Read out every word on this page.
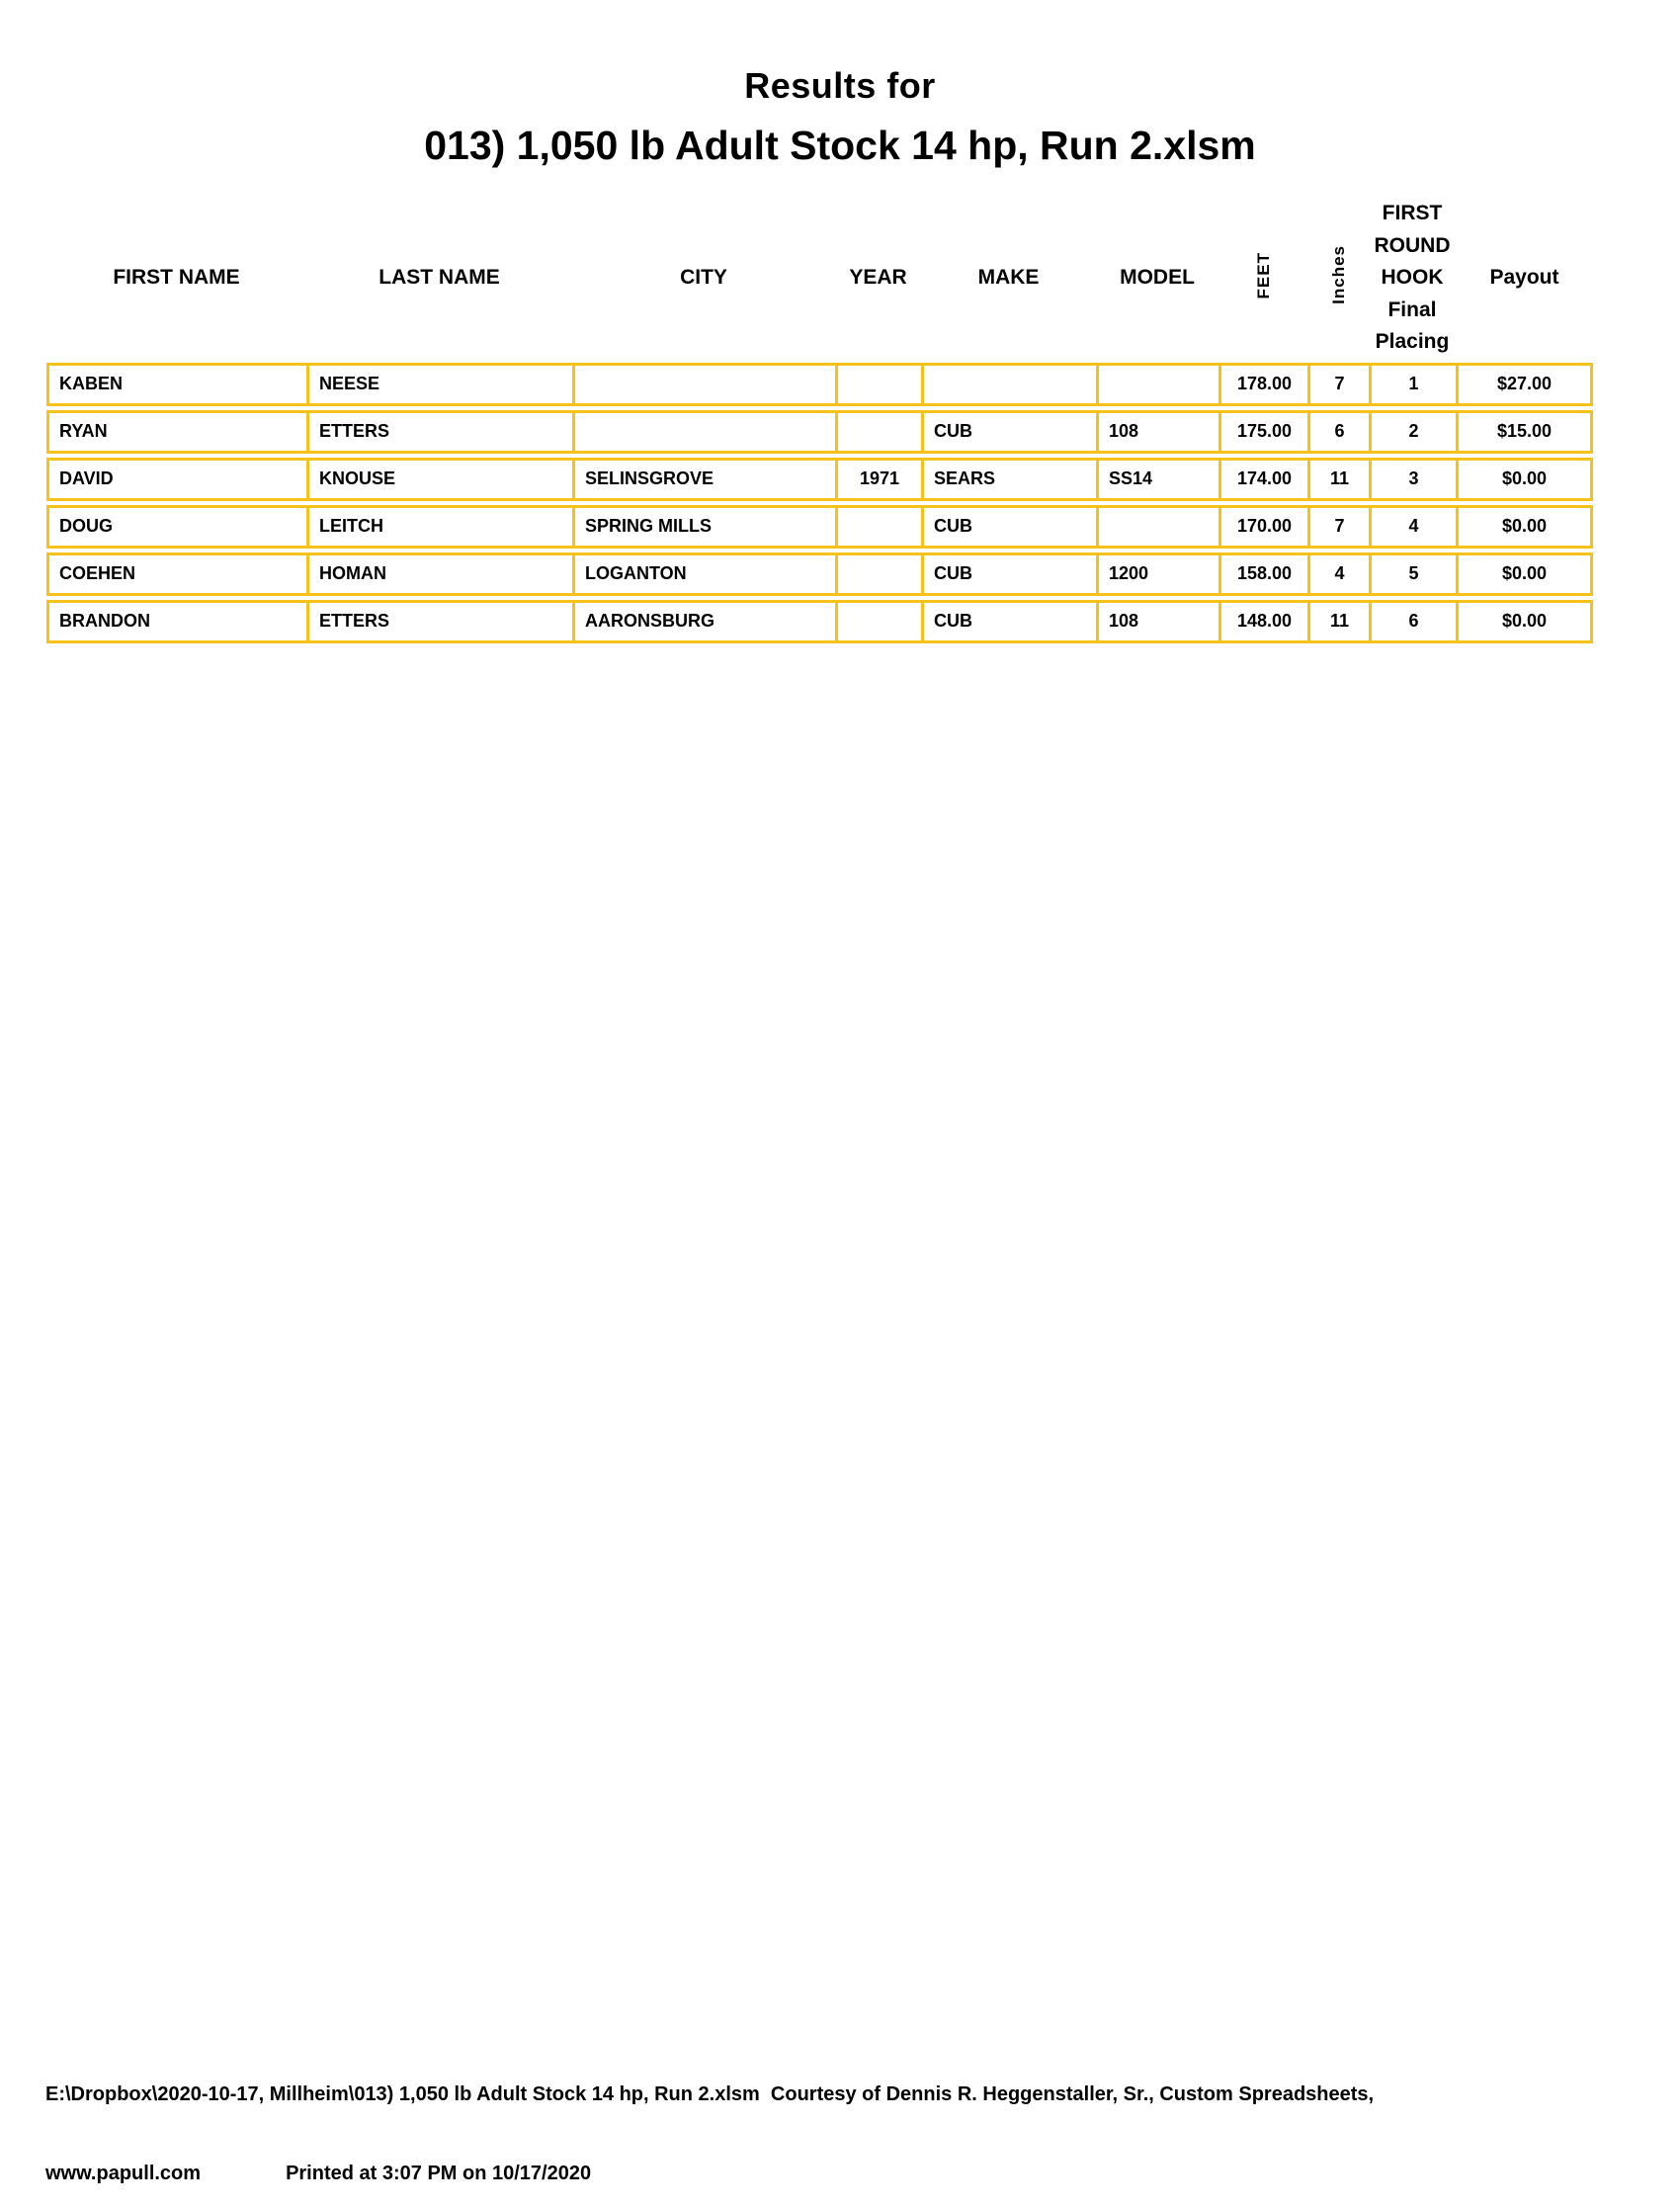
Results for
013) 1,050 lb Adult Stock 14 hp, Run 2.xlsm
FIRST NAME	LAST NAME	CITY	YEAR	MAKE	MODEL	FEET	Inches	FIRST ROUND
HOOK
Final Placing	Payout
KABEN	NEESE					178.00	7	1	$27.00
RYAN	ETTERS			CUB	108	175.00	6	2	$15.00
DAVID	KNOUSE	SELINSGROVE	1971	SEARS	SS14	174.00	11	3	$0.00
DOUG	LEITCH	SPRING MILLS		CUB		170.00	7	4	$0.00
COEHEN	HOMAN	LOGANTON		CUB	1200	158.00	4	5	$0.00
BRANDON	ETTERS	AARONSBURG		CUB	108	148.00	11	6	$0.00

E:\Dropbox\2020-10-17, Millheim\013) 1,050 lb Adult Stock 14 hp, Run 2.xlsm  Courtesy of Dennis R. Heggenstaller, Sr., Custom Spreadsheets,

www.papull.com	Printed at 3:07 PM on 10/17/2020
